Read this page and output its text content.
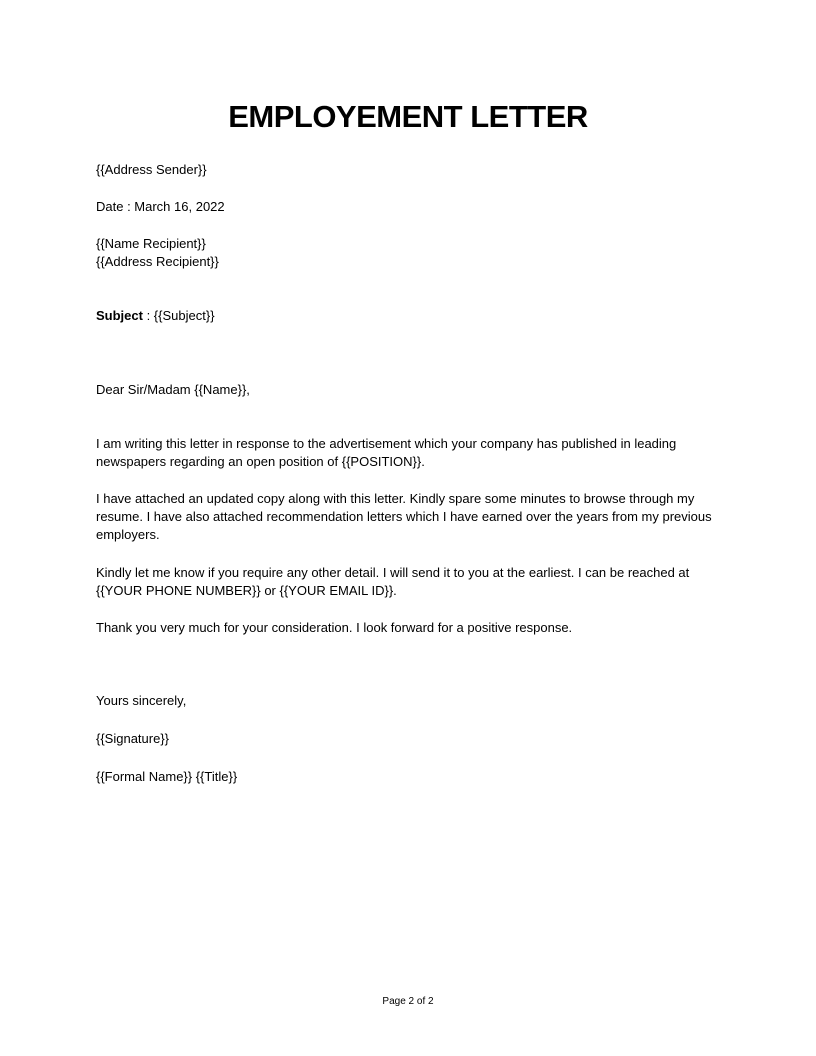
EMPLOYEMENT LETTER

{{Address Sender}}

Date : March 16, 2022

{{Name Recipient}}

{{Address Recipient}}

Subject : {{Subject}}

Dear Sir/Madam {{Name}},

I am writing this letter in response to the advertisement which your company has published in leading newspapers regarding an open position of {{POSITION}}.

I have attached an updated copy along with this letter. Kindly spare some minutes to browse through my resume. I have also attached recommendation letters which I have earned over the years from my previous employers.

Kindly let me know if you require any other detail. I will send it to you at the earliest. I can be reached at {{YOUR PHONE NUMBER}} or {{YOUR EMAIL ID}}.

Thank you very much for your consideration. I look forward for a positive response.

Yours sincerely,

{{Signature}}

{{Formal Name}} {{Title}}

Page 2 of 2
